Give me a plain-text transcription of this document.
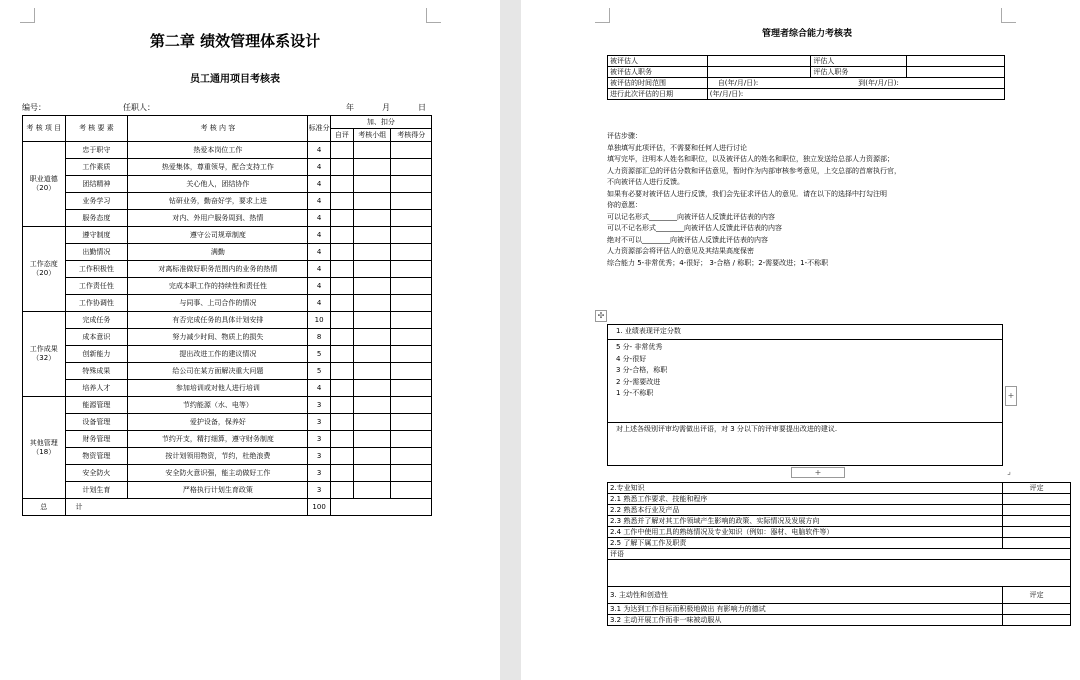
第二章 绩效管理体系设计
员工通用项目考核表
编号：	任职人：	年	月	日
考 核 项 目	考 核 要 素	考 核 内 容	标准分	加、扣分		
				自评	考核小组	考核得分
职业道德（20）	忠于职守	热爱本岗位工作	4			
	工作素质	热爱集体，尊重领导，配合支持工作	4			
	团结精神	关心他人，团结协作	4			
	业务学习	钻研业务，勤奋好学，要求上进	4			
	服务态度	对内、外用户服务周到、热情	4			
工作态度（20）	遵守制度	遵守公司规章制度	4			
	出勤情况	满勤	4			
	工作积极性	对离标准做好职务范围内的业务的热情	4			
	工作责任性	完成本职工作的持续性和责任性	4			
	工作协调性	与同事、上司合作的情况	4			
工作成果（32）	完成任务	有否完成任务的具体计划安排	10			
	成本意识	努力减少时间、物质上的损失	8			
	创新能力	提出改进工作的建议情况	5			
	特殊成果	给公司在某方面解决重大问题	5			
	培养人才	参加培训或对他人进行培训	4			
其他管理（18）	能源管理	节约能源（水、电等）	3			
	设备管理	爱护设备，保养好	3			
	财务管理	节约开支，精打细算，遵守财务制度	3			
	物资管理	按计划领用物资，节约，杜绝浪费	3			
	安全防火	安全防火意识强，能主动做好工作	3			
	计划生育	严格执行计划生育政策	3			
总	计		100			
管理者综合能力考核表
被评估人		评估人	
被评估人职务		评估人职务	
被评估的时间范围	自(年/月/日): 到(年/月/日):		
进行此次评估的日期	(年/月/日):		
评估步骤：
单独填写此项评估，不需要和任何人进行讨论
填写完毕，注明本人姓名和职位，以及被评估人的姓名和职位，独立发送给总部人力资源部；
人力资源部汇总的评估分数和评估意见，暂时作为内部审核参考意见，上交总部的首席执行官，
不向被评估人进行反馈。
如果有必要对被评估人进行反馈，我们会先征求评估人的意见．请在以下的选择中打勾注明
你的意愿：
可以记名形式________向被评估人反馈此评估表的内容
可以不记名形式________向被评估人反馈此评估表的内容
绝对不可以________向被评估人反馈此评估表的内容
人力资源部会将评估人的意见及其结果高度保密
综合能力 5-非常优秀；4-很好； 3-合格 / 称职；2-需要改进；1-不称职
✣
1. 业绩表现评定分数
5 分- 非常优秀
4 分-很好
3 分-合格，称职
2 分-需要改进
1 分-不称职	+
对上述各级别评审均需做出评语，对 3 分以下的评审要提出改进的建议.
+	⌟
2.专业知识	评定
2.1 熟悉工作要求、技能和程序	
2.2 熟悉本行业及产品	
2.3 熟悉并了解对其工作领域产生影响的政策、实际情况及发展方向	
2.4 工作中使用工具的熟练情况及专业知识（例如：器材、电脑软件等）	
2.5 了解下属工作及职责	
评语	

3. 主动性和创造性	评定
3.1 为达到工作目标而积极地做出 有影响力的德试	
3.2 主动开展工作而非一味被动服从	
